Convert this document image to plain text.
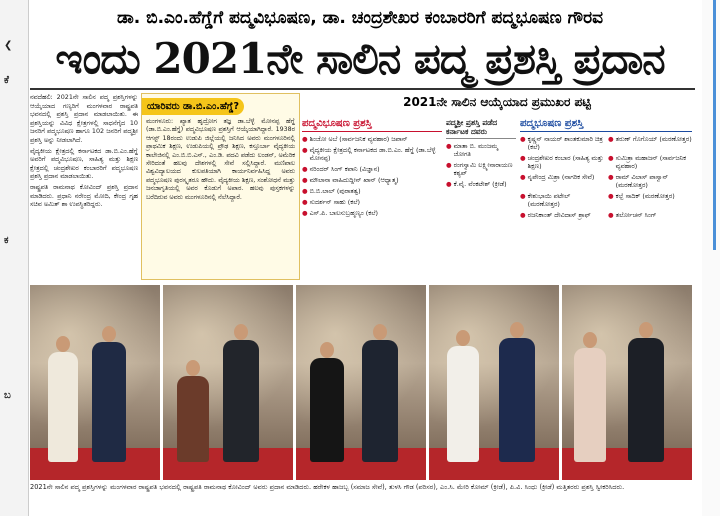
❮
ಕೆ
ಕ
ಬ
ಡಾ. ಬಿ.ಎಂ.ಹೆಗ್ಡೆಗೆ ಪದ್ಮವಿಭೂಷಣ, ಡಾ. ಚಂದ್ರಶೇಖರ ಕಂಬಾರರಿಗೆ ಪದ್ಮಭೂಷಣ ಗೌರವ
ಇಂದು 2021ನೇ ಸಾಲಿನ ಪದ್ಮ ಪ್ರಶಸ್ತಿ ಪ್ರದಾನ

ನವದೆಹಲಿ: 2021ನೇ ಸಾಲಿನ ಪದ್ಮ ಪ್ರಶಸ್ತಿಗಳನ್ನು ಆಯ್ಕೆಯಾದ ಗಣ್ಯರಿಗೆ ಮಂಗಳವಾರ ರಾಷ್ಟ್ರಪತಿ ಭವನದಲ್ಲಿ ಪ್ರಶಸ್ತಿ ಪ್ರದಾನ ಮಾಡಲಾಯಿತು. ಈ ಪ್ರಶಸ್ತಿಯನ್ನು ವಿವಿಧ ಕ್ಷೇತ್ರಗಳಲ್ಲಿ ಸಾಧನೆಗೈದ 10 ಜನರಿಗೆ ಪದ್ಮಭೂಷಣ ಹಾಗೂ 102 ಜನರಿಗೆ ಪದ್ಮಶ್ರೀ ಪ್ರಶಸ್ತಿ ಅನ್ನು ನೀಡಲಾಗಿದೆ.

ವೈದ್ಯಕೀಯ ಕ್ಷೇತ್ರದಲ್ಲಿ ಕರ್ನಾಟಕದ ಡಾ.ಬಿ.ಎಂ.ಹೆಗ್ಡೆ ಅವರಿಗೆ ಪದ್ಮವಿಭೂಷಣ, ಸಾಹಿತ್ಯ ಮತ್ತು ಶಿಕ್ಷಣ ಕ್ಷೇತ್ರದಲ್ಲಿ ಚಂದ್ರಶೇಖರ ಕಂಬಾರರಿಗೆ ಪದ್ಮಭೂಷಣ ಪ್ರಶಸ್ತಿ ಪ್ರದಾನ ಮಾಡಲಾಯಿತು.

ರಾಷ್ಟ್ರಪತಿ ರಾಮನಾಥ ಕೋವಿಂದ್ ಪ್ರಶಸ್ತಿ ಪ್ರದಾನ ಮಾಡಿದರು. ಪ್ರಧಾನಿ ನರೇಂದ್ರ ಮೋದಿ, ಕೇಂದ್ರ ಗೃಹ ಸಚಿವ ಅಮಿತ್ ಶಾ ಉಪಸ್ಥಿತರಿದ್ದರು.

ಯಾರಿವರು ಡಾ.ಬಿ.ಎಂ.ಹೆಗ್ಡೆ?
ಮಂಗಳೂರು: ಖ್ಯಾತ ಹೃದ್ರೋಗ ತಜ್ಞ ಡಾ.ಬೆಳ್ಳೆ ಮೋನಪ್ಪ ಹೆಗ್ಡೆ (ಡಾ.ಬಿ.ಎಂ.ಹೆಗ್ಡೆ) ಪದ್ಮವಿಭೂಷಣ ಪ್ರಶಸ್ತಿಗೆ ಆಯ್ಕೆಯಾಗಿದ್ದಾರೆ. 1938ರ ಆಗಸ್ಟ್ 18ರಂದು ಉಡುಪಿ ಜಿಲ್ಲೆಯಲ್ಲಿ ಜನಿಸಿದ ಅವರು ಮಂಗಳೂರಿನಲ್ಲಿ ಪ್ರಾಥಮಿಕ ಶಿಕ್ಷಣ, ಉಡುಪಿಯಲ್ಲಿ ಪ್ರೌಢ ಶಿಕ್ಷಣ, ಕಸ್ತೂರ್ಬಾ ವೈದ್ಯಕೀಯ ಕಾಲೇಜಿನಲ್ಲಿ ಎಂ.ಬಿ.ಬಿ.ಎಸ್., ಎಂ.ಡಿ. ಪದವಿ ಪಡೆದು ಲಂಡನ್, ಅಮೆರಿಕ ಸೇರಿದಂತೆ ಹಲವು ದೇಶಗಳಲ್ಲಿ ಸೇವೆ ಸಲ್ಲಿಸಿದ್ದಾರೆ. ಮಣಿಪಾಲ ವಿಶ್ವವಿದ್ಯಾಲಯದ ಕುಲಪತಿಯಾಗಿ ಕಾರ್ಯನಿರ್ವಹಿಸಿದ್ದ ಅವರು ಪದ್ಮಭೂಷಣ ಪುರಸ್ಕೃತರೂ ಹೌದು. ವೈದ್ಯಕೀಯ ಶಿಕ್ಷಣ, ಸಂಶೋಧನೆ ಮತ್ತು ಜನಜಾಗೃತಿಯಲ್ಲಿ ಅವರ ಕೊಡುಗೆ ಅಪಾರ. ಹಲವು ಪುಸ್ತಕಗಳನ್ನು ಬರೆದಿರುವ ಅವರು ಮಂಗಳೂರಿನಲ್ಲಿ ನೆಲೆಸಿದ್ದಾರೆ.
2021ನೇ ಸಾಲಿನ ಆಯ್ಕೆಯಾದ ಪ್ರಮುಖರ ಪಟ್ಟಿ
ಪದ್ಮವಿಭೂಷಣ ಪ್ರಶಸ್ತಿ
● ಶಿಂಜೋ ಅಬೆ (ಸಾರ್ವಜನಿಕ ವ್ಯವಹಾರ) ಜಪಾನ್
● ವೈದ್ಯಕೀಯ ಕ್ಷೇತ್ರದಲ್ಲಿ ಕರ್ನಾಟಕದ ಡಾ.ಬಿ.ಎಂ. ಹೆಗ್ಡೆ (ಡಾ.ಬೆಳ್ಳೆ ಮೋನಪ್ಪ)
● ನರಿಂದರ್ ಸಿಂಗ್ ಕಪಾನಿ (ವಿಜ್ಞಾನ)
● ಮೌಲಾನಾ ವಾಹಿದುದ್ದೀನ್ ಖಾನ್ (ಆಧ್ಯಾತ್ಮ)
● ಬಿ.ಬಿ.ಲಾಲ್ (ಪುರಾತತ್ವ)
● ಸುದರ್ಶನ್ ಸಾಹು (ಕಲೆ)
● ಎಸ್.ಪಿ. ಬಾಲಸುಬ್ರಹ್ಮಣ್ಯಂ (ಕಲೆ)
ಪದ್ಮಶ್ರೀ ಪ್ರಶಸ್ತಿ ಪಡೆದ ಕರ್ನಾಟಕ ದವರು
● ಮಾತಾ ಬಿ. ಮಂಜಮ್ಮ ಜೋಗತಿ
● ರಂಗಸ್ವಾಮಿ ಲಕ್ಷ್ಮೀನಾರಾಯಣ ಕಶ್ಯಪ್
● ಕೆ.ವೈ. ವೆಂಕಟೇಶ್ (ಕ್ರೀಡೆ)
ಪದ್ಮಭೂಷಣ ಪ್ರಶಸ್ತಿ
● ಕೃಷ್ಣನ್ ನಾಯರ್ ಶಾಂತಕುಮಾರಿ ಚಿತ್ರ (ಕಲೆ)
● ತರುಣ್ ಗೊಗೊಯ್ (ಮರಣೋತ್ತರ)
● ಚಂದ್ರಶೇಖರ ಕಂಬಾರ (ಸಾಹಿತ್ಯ ಮತ್ತು ಶಿಕ್ಷಣ)
● ಸುಮಿತ್ರಾ ಮಹಾಜನ್ (ಸಾರ್ವಜನಿಕ ವ್ಯವಹಾರ)
● ನೃಪೇಂದ್ರ ಮಿಶ್ರಾ (ನಾಗರಿಕ ಸೇವೆ) ● ರಾಮ್ ವಿಲಾಸ್ ಪಾಸ್ವಾನ್ (ಮರಣೋತ್ತರ)
● ಕೇಶುಭಾಯಿ ಪಟೇಲ್ (ಮರಣೋತ್ತರ)
● ಕಲ್ಬೆ ಸಾದಿಕ್ (ಮರಣೋತ್ತರ)
● ರಜನಿಕಾಂತ್ ದೇವಿದಾಸ್ ಶ್ರಾಫ್	● ತರ್ಲೋಚನ್ ಸಿಂಗ್
2021ನೇ ಸಾಲಿನ ಪದ್ಮ ಪ್ರಶಸ್ತಿಗಳನ್ನು ಮಂಗಳವಾರ ರಾಷ್ಟ್ರಪತಿ ಭವನದಲ್ಲಿ ರಾಷ್ಟ್ರಪತಿ ರಾಮನಾಥ ಕೋವಿಂದ್ ಅವರು ಪ್ರದಾನ ಮಾಡಿದರು. ಹರೇಕಳ ಹಾಜಬ್ಬ (ಸಮಾಜ ಸೇವೆ), ತುಳಸಿ ಗೌಡ (ಪರಿಸರ), ಎಂ.ಸಿ. ಮೇರಿ ಕೋಮ್ (ಕ್ರೀಡೆ), ಪಿ.ವಿ. ಸಿಂಧು (ಕ್ರೀಡೆ) ಮತ್ತಿತರರು ಪ್ರಶಸ್ತಿ ಸ್ವೀಕರಿಸಿದರು.
